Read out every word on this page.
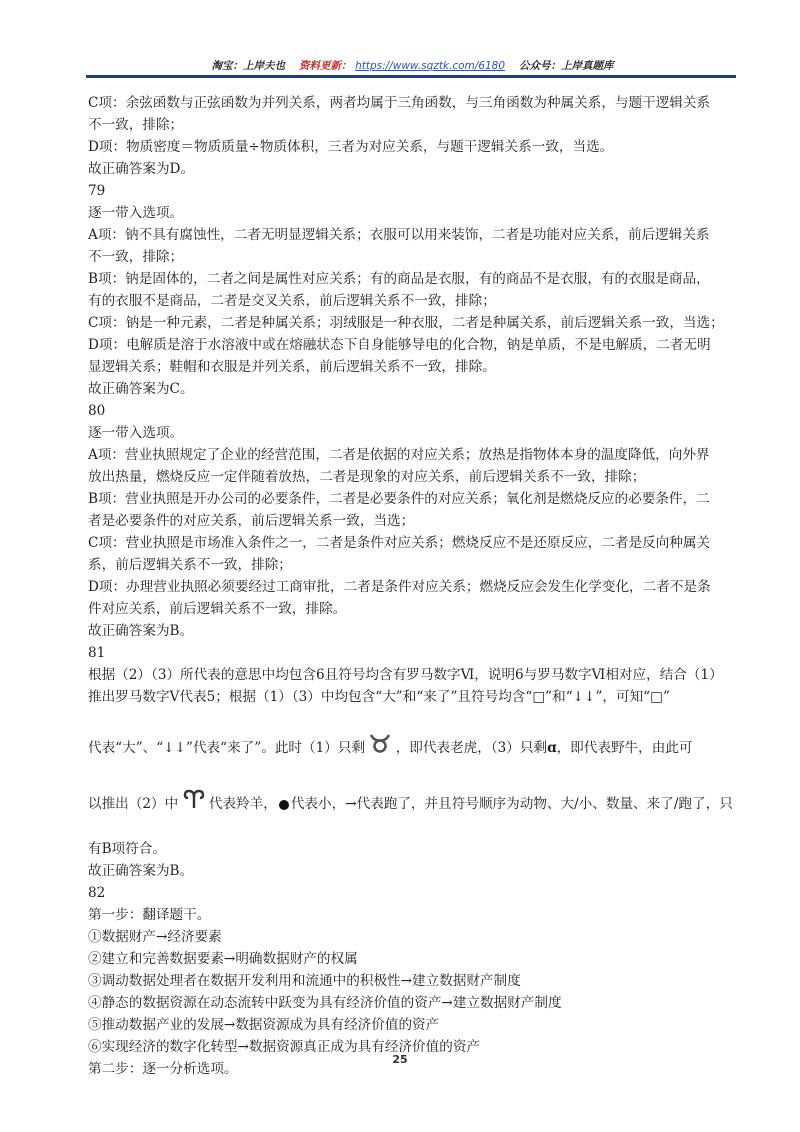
淘宝：上岸夫也 资料更新： https://www.sqztk.com/6180 公众号：上岸真题库

C项：余弦函数与正弦函数为并列关系，两者均属于三角函数，与三角函数为种属关系，与题干逻辑关系

不一致，排除；

D项：物质密度＝物质质量÷物质体积，三者为对应关系，与题干逻辑关系一致，当选。

故正确答案为D。

79

逐一带入选项。

A项：钠不具有腐蚀性，二者无明显逻辑关系；衣服可以用来装饰，二者是功能对应关系，前后逻辑关系

不一致，排除；

B项：钠是固体的，二者之间是属性对应关系；有的商品是衣服，有的商品不是衣服，有的衣服是商品，

有的衣服不是商品，二者是交叉关系，前后逻辑关系不一致，排除；

C项：钠是一种元素，二者是种属关系；羽绒服是一种衣服，二者是种属关系，前后逻辑关系一致，当选；

D项：电解质是溶于水溶液中或在熔融状态下自身能够导电的化合物，钠是单质，不是电解质，二者无明

显逻辑关系；鞋帽和衣服是并列关系，前后逻辑关系不一致，排除。

故正确答案为C。

80

逐一带入选项。

A项：营业执照规定了企业的经营范围，二者是依据的对应关系；放热是指物体本身的温度降低，向外界

放出热量，燃烧反应一定伴随着放热，二者是现象的对应关系，前后逻辑关系不一致，排除；

B项：营业执照是开办公司的必要条件，二者是必要条件的对应关系；氧化剂是燃烧反应的必要条件，二

者是必要条件的对应关系，前后逻辑关系一致，当选；

C项：营业执照是市场准入条件之一，二者是条件对应关系；燃烧反应不是还原反应，二者是反向种属关

系，前后逻辑关系不一致，排除；

D项：办理营业执照必须要经过工商审批，二者是条件对应关系；燃烧反应会发生化学变化，二者不是条

件对应关系，前后逻辑关系不一致，排除。

故正确答案为B。

81

根据（2）（3）所代表的意思中均包含6且符号均含有罗马数字Ⅵ，说明6与罗马数字Ⅵ相对应，结合（1）

推出罗马数字Ⅴ代表5；根据（1）（3）中均包含“大”和“来了”且符号均含“□”和“↓↓”，可知“□”

代表“大”、“↓↓”代表“来了”。此时（1）只剩 ，即代表老虎，（3）只剩ɑ，即代表野牛，由此可

以推出（2）中 代表羚羊， 代表小，→代表跑了，并且符号顺序为动物、大/小、数量、来了/跑了，只

有B项符合。

故正确答案为B。

82

第一步：翻译题干。

①数据财产→经济要素

②建立和完善数据要素→明确数据财产的权属

③调动数据处理者在数据开发利用和流通中的积极性→建立数据财产制度

④静态的数据资源在动态流转中跃变为具有经济价值的资产→建立数据财产制度

⑤推动数据产业的发展→数据资源成为具有经济价值的资产

⑥实现经济的数字化转型→数据资源真正成为具有经济价值的资产

第二步：逐一分析选项。

25
